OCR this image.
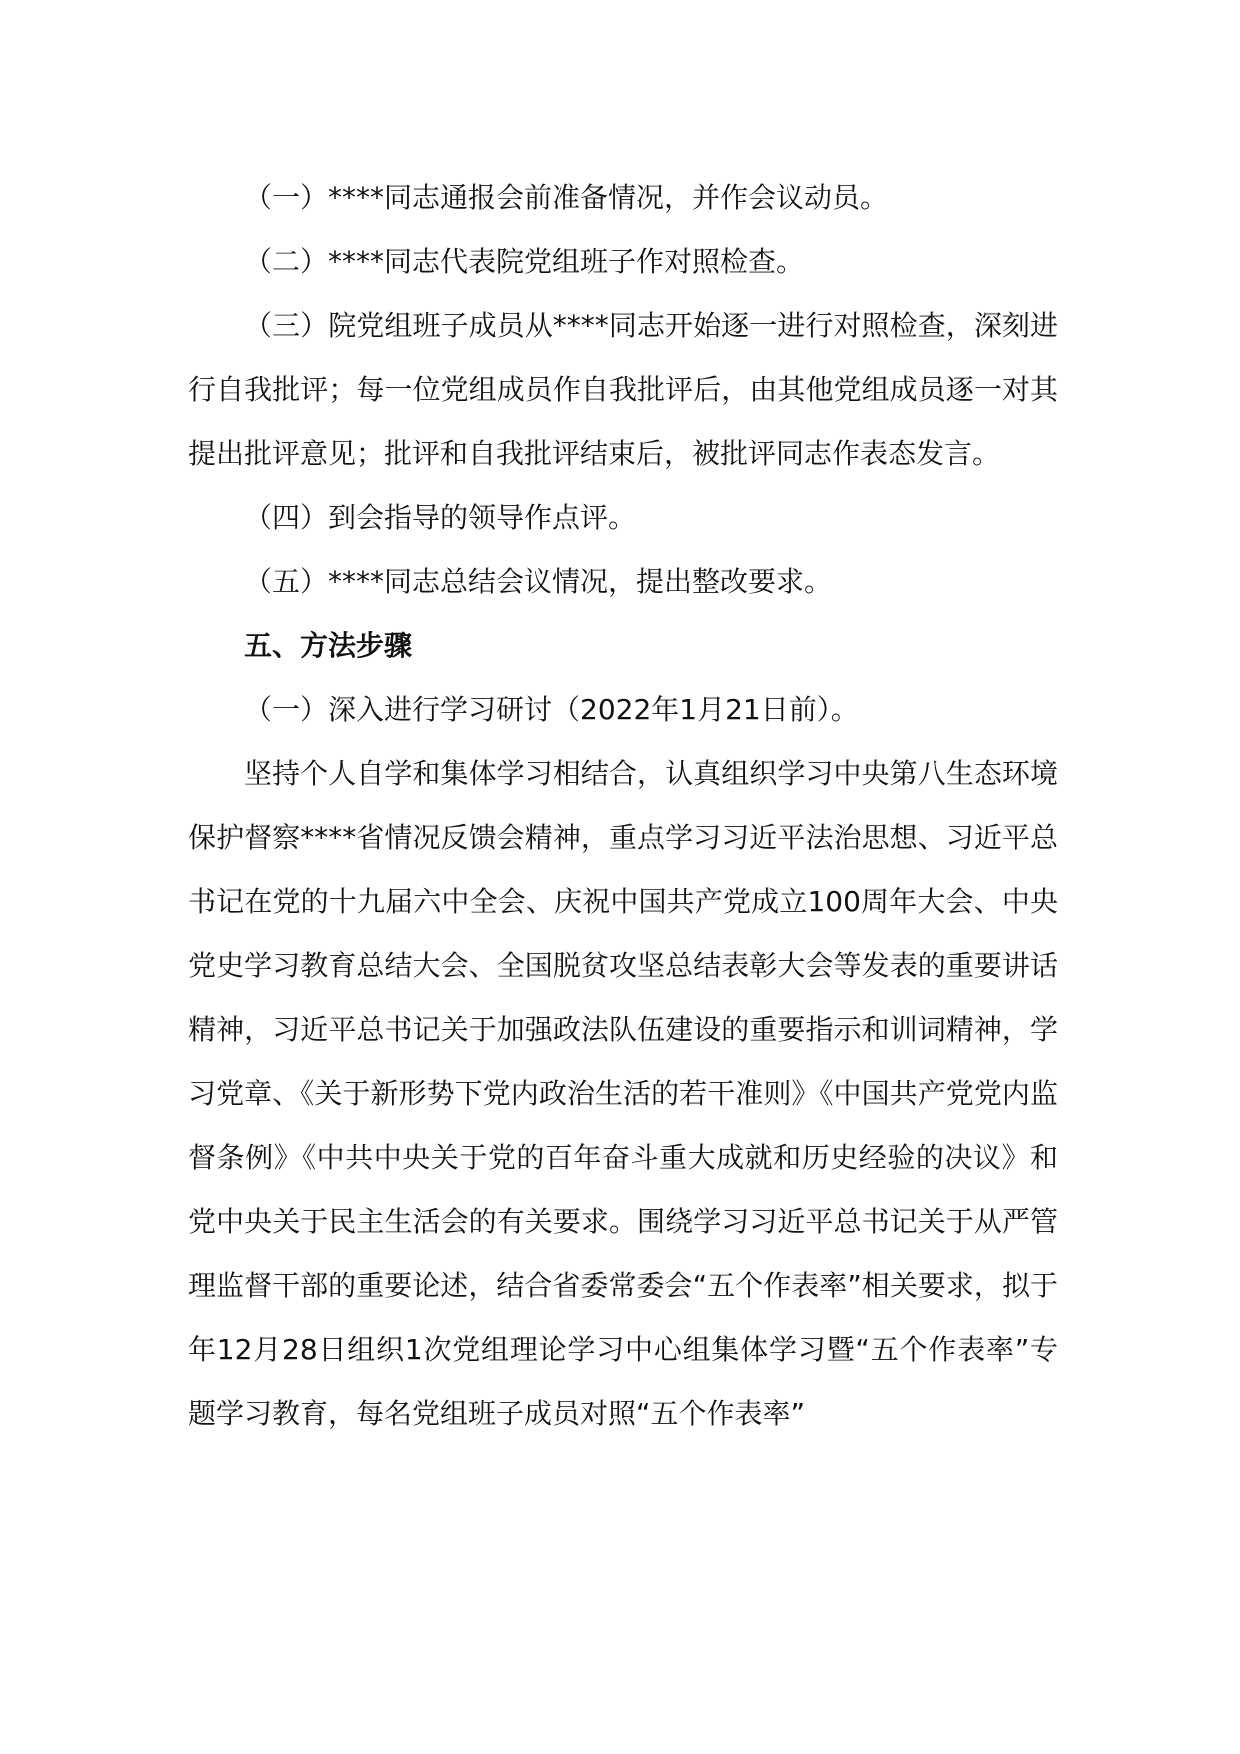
（一）****同志通报会前准备情况，并作会议动员。

（二）****同志代表院党组班子作对照检查。

（三）院党组班子成员从****同志开始逐一进行对照检查，深刻进行自我批评；每一位党组成员作自我批评后，由其他党组成员逐一对其提出批评意见；批评和自我批评结束后，被批评同志作表态发言。

（四）到会指导的领导作点评。

（五）****同志总结会议情况，提出整改要求。

五、方法步骤

（一）深入进行学习研讨（2022年1月21日前）。

坚持个人自学和集体学习相结合，认真组织学习中央第八生态环境保护督察****省情况反馈会精神，重点学习习近平法治思想、习近平总书记在党的十九届六中全会、庆祝中国共产党成立100周年大会、中央党史学习教育总结大会、全国脱贫攻坚总结表彰大会等发表的重要讲话精神，习近平总书记关于加强政法队伍建设的重要指示和训词精神，学习党章、《关于新形势下党内政治生活的若干准则》《中国共产党党内监督条例》《中共中央关于党的百年奋斗重大成就和历史经验的决议》和党中央关于民主生活会的有关要求。围绕学习习近平总书记关于从严管理监督干部的重要论述，结合省委常委会“五个作表率”相关要求，拟于年12月28日组织1次党组理论学习中心组集体学习暨“五个作表率”专题学习教育，每名党组班子成员对照“五个作表率”
